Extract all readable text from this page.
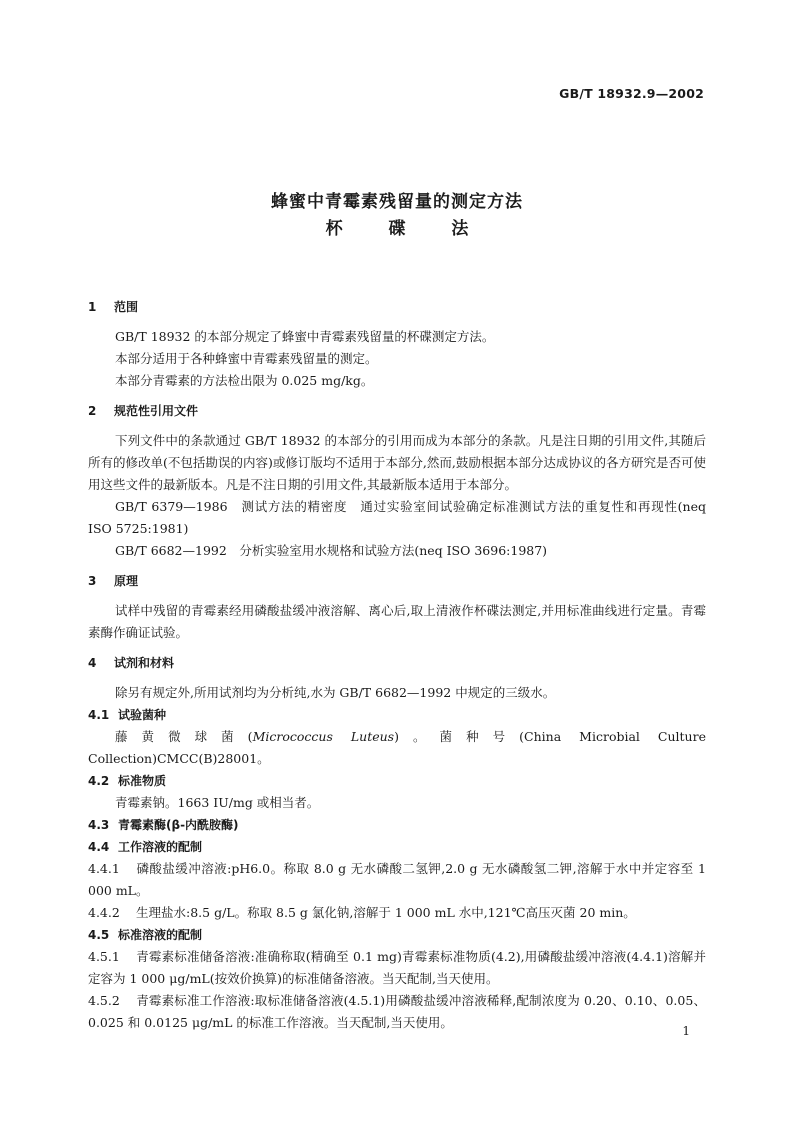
GB/T 18932.9—2002
蜂蜜中青霉素残留量的测定方法
杯 碟 法
1 范围

GB/T 18932 的本部分规定了蜂蜜中青霉素残留量的杯碟测定方法。

本部分适用于各种蜂蜜中青霉素残留量的测定。

本部分青霉素的方法检出限为 0.025 mg/kg。

2 规范性引用文件

下列文件中的条款通过 GB/T 18932 的本部分的引用而成为本部分的条款。凡是注日期的引用文件,其随后所有的修改单(不包括勘误的内容)或修订版均不适用于本部分,然而,鼓励根据本部分达成协议的各方研究是否可使用这些文件的最新版本。凡是不注日期的引用文件,其最新版本适用于本部分。

GB/T 6379—1986　测试方法的精密度　通过实验室间试验确定标准测试方法的重复性和再现性(neq ISO 5725:1981)

GB/T 6682—1992　分析实验室用水规格和试验方法(neq ISO 3696:1987)

3 原理

试样中残留的青霉素经用磷酸盐缓冲液溶解、离心后,取上清液作杯碟法测定,并用标准曲线进行定量。青霉素酶作确证试验。

4 试剂和材料

除另有规定外,所用试剂均为分析纯,水为 GB/T 6682—1992 中规定的三级水。

4.1 试验菌种

藤黄微球菌(Micrococcus Luteus)。菌种号(China Microbial Culture Collection)CMCC(B)28001。

4.2 标准物质

青霉素钠。1663 IU/mg 或相当者。

4.3 青霉素酶(β-内酰胺酶)
4.4 工作溶液的配制

4.4.1 磷酸盐缓冲溶液:pH6.0。称取 8.0 g 无水磷酸二氢钾,2.0 g 无水磷酸氢二钾,溶解于水中并定容至 1 000 mL。

4.4.2 生理盐水:8.5 g/L。称取 8.5 g 氯化钠,溶解于 1 000 mL 水中,121℃高压灭菌 20 min。

4.5 标准溶液的配制

4.5.1 青霉素标准储备溶液:准确称取(精确至 0.1 mg)青霉素标准物质(4.2),用磷酸盐缓冲溶液(4.4.1)溶解并定容为 1 000 μg/mL(按效价换算)的标准储备溶液。当天配制,当天使用。

4.5.2 青霉素标准工作溶液:取标准储备溶液(4.5.1)用磷酸盐缓冲溶液稀释,配制浓度为 0.20、0.10、0.05、0.025 和 0.0125 μg/mL 的标准工作溶液。当天配制,当天使用。

1
